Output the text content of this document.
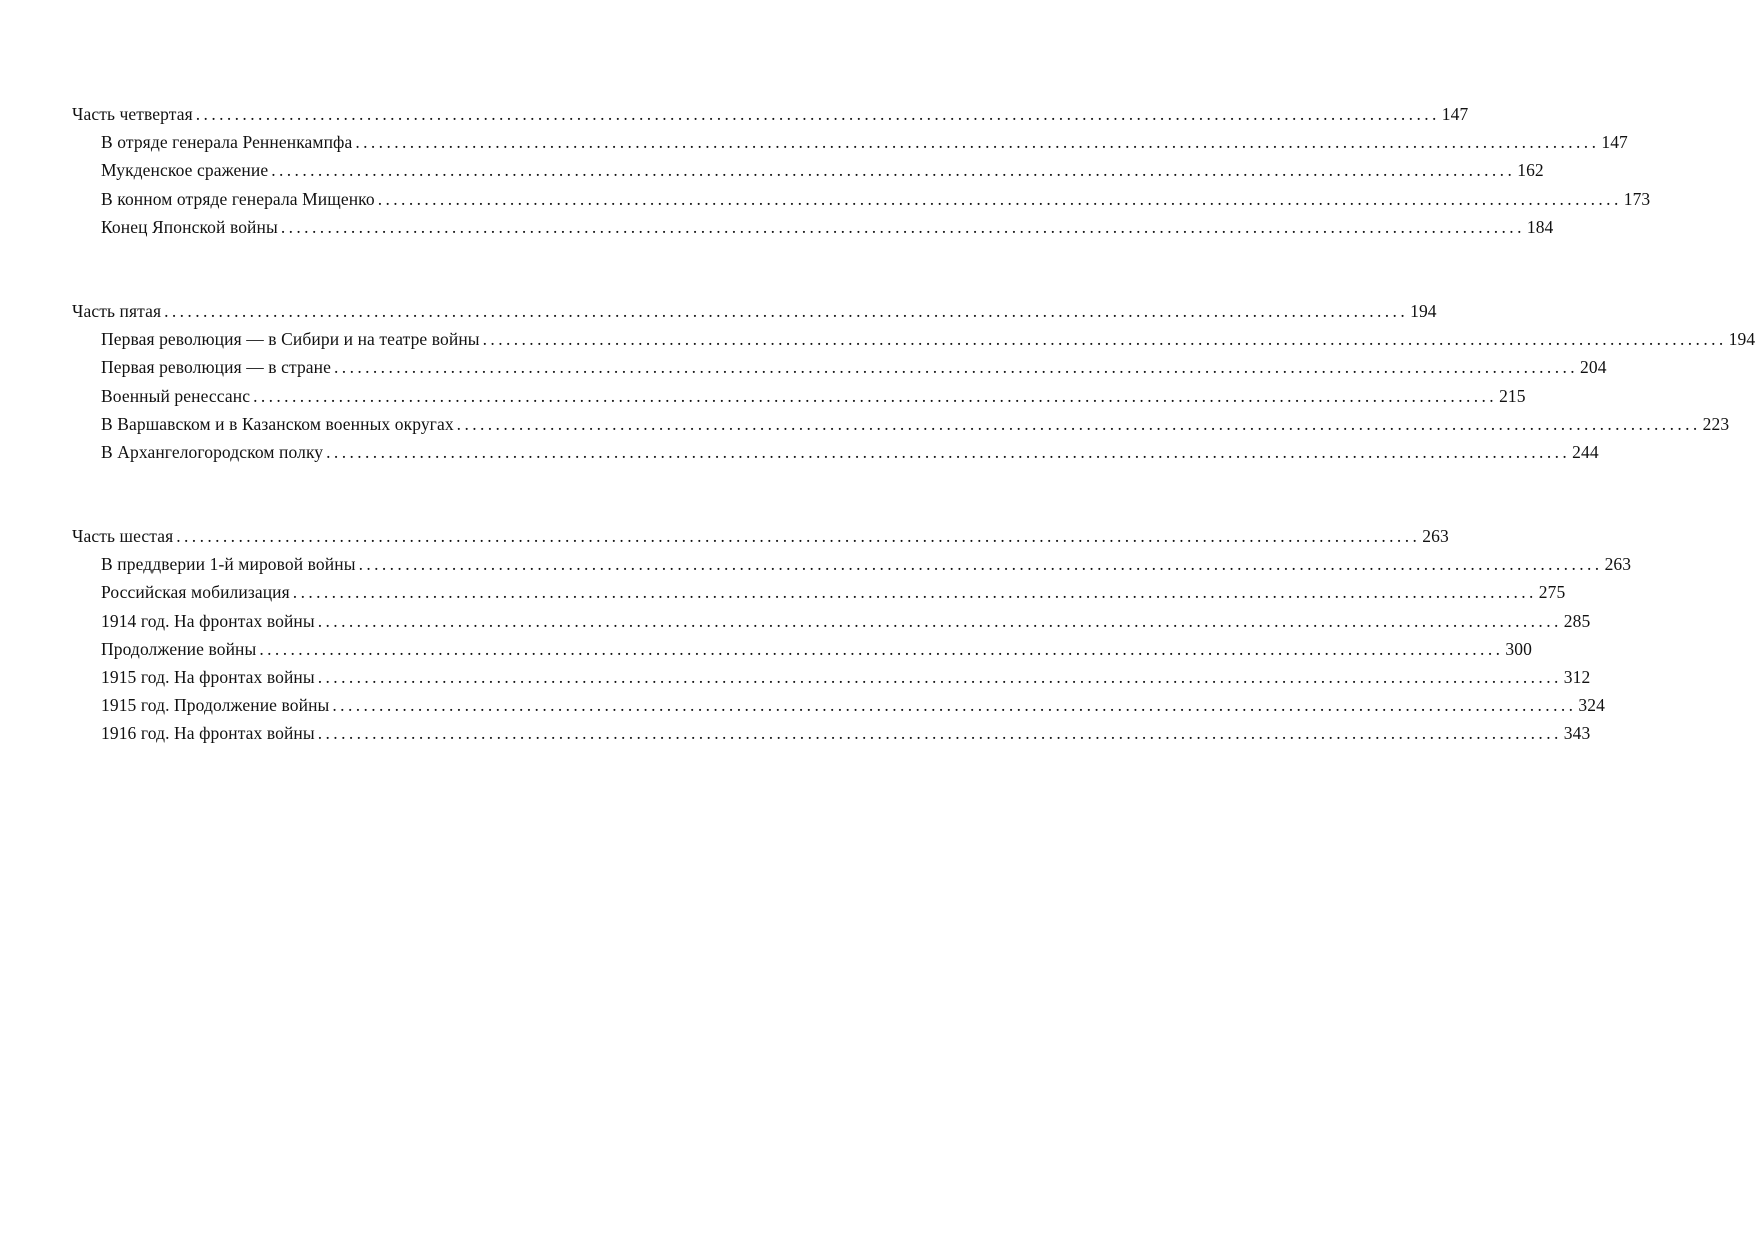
Часть четвертая ................................................................................................................................................................ 147
В отряде генерала Ренненкампфа ................................................................................................................................................................ 147
Мукденское сражение ................................................................................................................................................................ 162
В конном отряде генерала Мищенко ................................................................................................................................................................ 173
Конец Японской войны ................................................................................................................................................................ 184
Часть пятая ................................................................................................................................................................ 194
Первая революция — в Сибири и на театре войны ................................................................................................................................................................ 194
Первая революция — в стране ................................................................................................................................................................ 204
Военный ренессанс ................................................................................................................................................................ 215
В Варшавском и в Казанском военных округах ................................................................................................................................................................ 223
В Архангелогородском полку ................................................................................................................................................................ 244
Часть шестая ................................................................................................................................................................ 263
В преддверии 1-й мировой войны ................................................................................................................................................................ 263
Российская мобилизация ................................................................................................................................................................ 275
1914 год. На фронтах войны ................................................................................................................................................................ 285
Продолжение войны ................................................................................................................................................................ 300
1915 год. На фронтах войны ................................................................................................................................................................ 312
1915 год. Продолжение войны ................................................................................................................................................................ 324
1916 год. На фронтах войны ................................................................................................................................................................ 343
